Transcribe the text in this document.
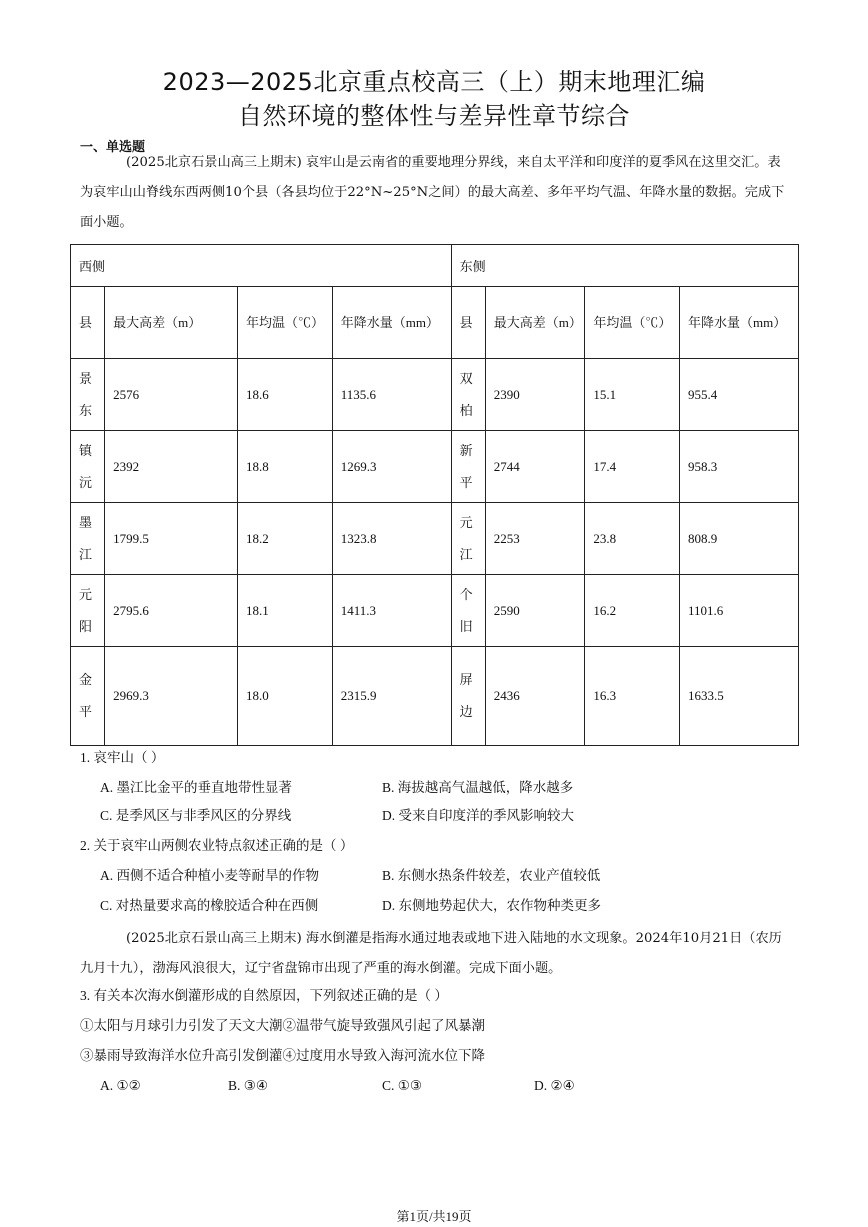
2023—2025北京重点校高三（上）期末地理汇编
自然环境的整体性与差异性章节综合
一、单选题
(2025北京石景山高三上期末) 哀牢山是云南省的重要地理分界线，来自太平洋和印度洋的夏季风在这里交汇。表为哀牢山山脊线东西两侧10个县（各县均位于22°N~25°N之间）的最大高差、多年平均气温、年降水量的数据。完成下面小题。
西侧				东侧			
县	最大高差（m）	年均温（℃）	年降水量（mm）	县	最大高差（m）	年均温（℃）	年降水量（mm）
景东	2576	18.6	1135.6	双柏	2390	15.1	955.4
镇沅	2392	18.8	1269.3	新平	2744	17.4	958.3
墨江	1799.5	18.2	1323.8	元江	2253	23.8	808.9
元阳	2795.6	18.1	1411.3	个旧	2590	16.2	1101.6
金平	2969.3	18.0	2315.9	屏边	2436	16.3	1633.5
1. 哀牢山（ ）
A. 墨江比金平的垂直地带性显著	B. 海拔越高气温越低，降水越多
C. 是季风区与非季风区的分界线	D. 受来自印度洋的季风影响较大
2. 关于哀牢山两侧农业特点叙述正确的是（ ）
A. 西侧不适合种植小麦等耐旱的作物	B. 东侧水热条件较差，农业产值较低
C. 对热量要求高的橡胶适合种在西侧	D. 东侧地势起伏大，农作物种类更多
(2025北京石景山高三上期末) 海水倒灌是指海水通过地表或地下进入陆地的水文现象。2024年10月21日（农历九月十九），渤海风浪很大，辽宁省盘锦市出现了严重的海水倒灌。完成下面小题。
3. 有关本次海水倒灌形成的自然原因，下列叙述正确的是（ ）
①太阳与月球引力引发了天文大潮②温带气旋导致强风引起了风暴潮
③暴雨导致海洋水位升高引发倒灌④过度用水导致入海河流水位下降
A. ①②	B. ③④	C. ①③	D. ②④
第1页/共19页
